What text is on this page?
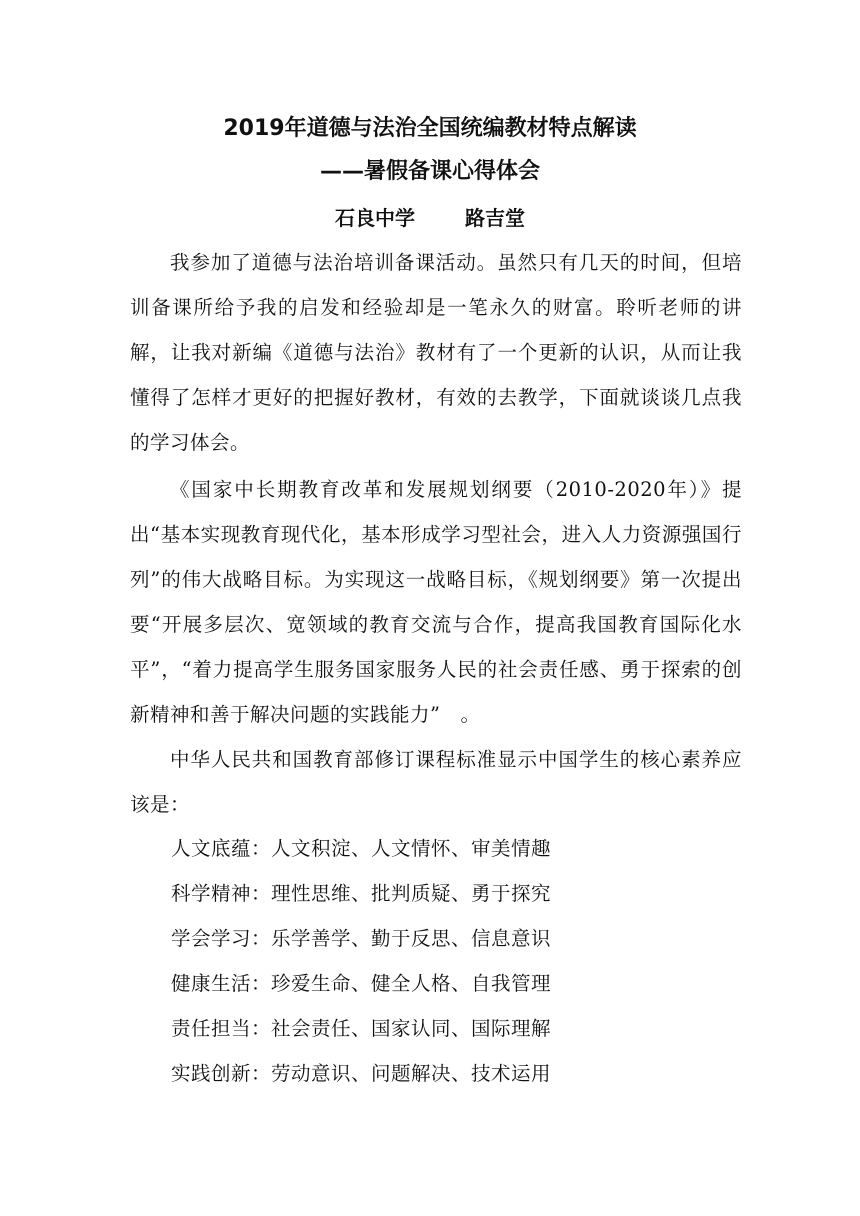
2019年道德与法治全国统编教材特点解读
——暑假备课心得体会
石良中学	路吉堂

我参加了道德与法治培训备课活动。虽然只有几天的时间，但培训备课所给予我的启发和经验却是一笔永久的财富。聆听老师的讲解，让我对新编《道德与法治》教材有了一个更新的认识，从而让我懂得了怎样才更好的把握好教材，有效的去教学，下面就谈谈几点我的学习体会。

《国家中长期教育改革和发展规划纲要（2010-2020年）》提出“基本实现教育现代化，基本形成学习型社会，进入人力资源强国行列”的伟大战略目标。为实现这一战略目标，《规划纲要》第一次提出要“开展多层次、宽领域的教育交流与合作，提高我国教育国际化水平”，“着力提高学生服务国家服务人民的社会责任感、勇于探索的创新精神和善于解决问题的实践能力”　。

中华人民共和国教育部修订课程标准显示中国学生的核心素养应该是：

人文底蕴：人文积淀、人文情怀、审美情趣
科学精神：理性思维、批判质疑、勇于探究
学会学习：乐学善学、勤于反思、信息意识
健康生活：珍爱生命、健全人格、自我管理
责任担当：社会责任、国家认同、国际理解
实践创新：劳动意识、问题解决、技术运用
